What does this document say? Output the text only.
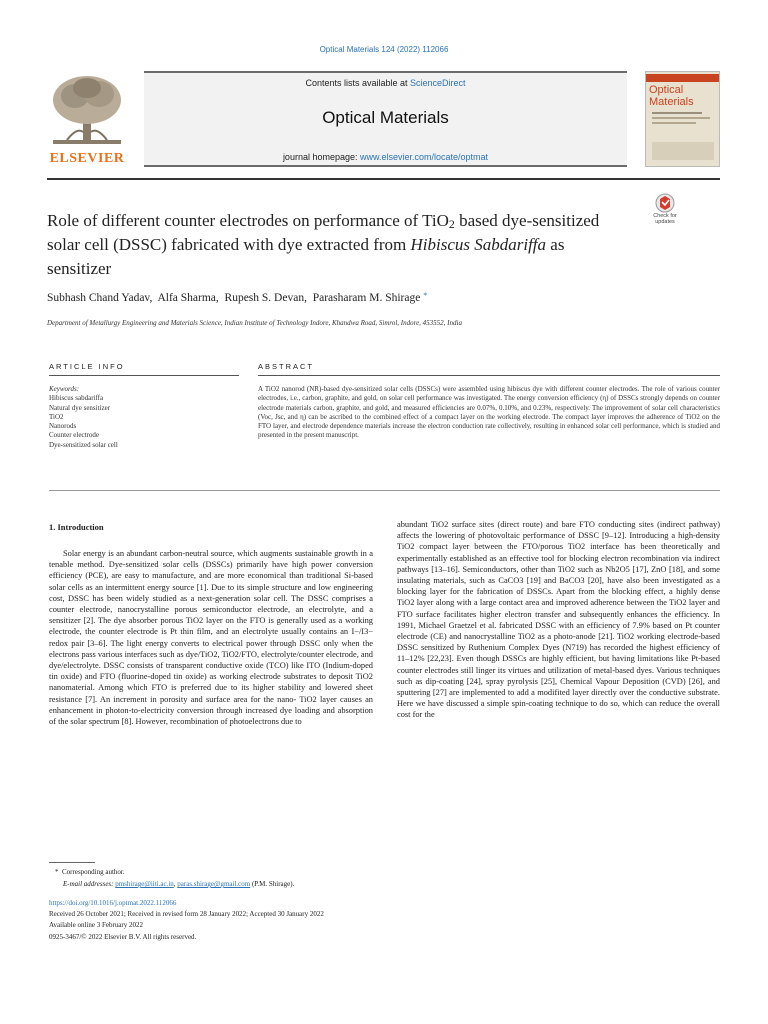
Optical Materials 124 (2022) 112066
ELSEVIER
Contents lists available at ScienceDirect
Optical Materials
journal homepage: www.elsevier.com/locate/optmat
Optical Materials
Check for updates
Role of different counter electrodes on performance of TiO$_2$ based dye-sensitized solar cell (DSSC) fabricated with dye extracted from Hibiscus Sabdariffa as sensitizer
Subhash Chand Yadav,  Alfa Sharma,  Rupesh S. Devan,  Parasharam M. Shirage *
Department of Metallurgy Engineering and Materials Science, Indian Institute of Technology Indore, Khandwa Road, Simrol, Indore, 453552, India
ARTICLE INFO	ABSTRACT
Keywords:
Hibiscus sabdariffa
Natural dye sensitizer
TiO2
Nanorods
Counter electrode
Dye-sensitized solar cell
A TiO2 nanorod (NR)-based dye-sensitized solar cells (DSSCs) were assembled using hibiscus dye with different counter electrodes. The role of various counter electrodes, i.e., carbon, graphite, and gold, on solar cell performance was investigated. The energy conversion efficiency (η) of DSSCs strongly depends on counter electrode materials carbon, graphite, and gold, and measured efficiencies are 0.07%, 0.10%, and 0.23%, respectively. The improvement of solar cell characteristics (Voc, Jsc, and η) can be ascribed to the combined effect of a compact layer on the working electrode. The compact layer improves the adherence of TiO2 on the FTO layer, and electrode dependence materials increase the electron conduction rate collectively, resulting in enhanced solar cell performance, which is studied and presented in the present manuscript.
1. Introduction

Solar energy is an abundant carbon-neutral source, which augments sustainable growth in a tenable method. Dye-sensitized solar cells (DSSCs) primarily have high power conversion efficiency (PCE), are easy to manufacture, and are more economical than traditional Si-based solar cells as an intermittent energy source [1]. Due to its simple structure and low engineering cost, DSSC has been widely studied as a next-generation solar cell. The DSSC comprises a counter electrode, nanocrystalline porous semiconductor electrode, an electrolyte, and a sensitizer [2]. The dye absorber porous TiO2 layer on the FTO is generally used as a working electrode, the counter electrode is Pt thin film, and an electrolyte usually contains an I−/I3− redox pair [3–6]. The light energy converts to electrical power through DSSC only when the electrons pass various interfaces such as dye/TiO2, TiO2/FTO, electrolyte/counter electrode, and dye/electrolyte. DSSC consists of transparent conductive oxide (TCO) like ITO (Indium-doped tin oxide) and FTO (fluorine-doped tin oxide) as working electrode substrates to deposit TiO2 nanomaterial. Among which FTO is preferred due to its higher stability and lowered sheet resistance [7]. An increment in porosity and surface area for the nano- TiO2 layer causes an enhancement in photon-to-electricity conversion through increased dye loading and absorption of the solar spectrum [8]. However, recombination of photoelectrons due to

abundant TiO2 surface sites (direct route) and bare FTO conducting sites (indirect pathway) affects the lowering of photovoltaic performance of DSSC [9–12]. Introducing a high-density TiO2 compact layer between the FTO/porous TiO2 interface has been theoretically and experimentally established as an effective tool for blocking electron recombination via indirect pathways [13–16]. Semiconductors, other than TiO2 such as Nb2O5 [17], ZnO [18], and some insulating materials, such as CaCO3 [19] and BaCO3 [20], have also been investigated as a blocking layer for the fabrication of DSSCs. Apart from the blocking effect, a highly dense TiO2 layer along with a large contact area and improved adherence between the TiO2 layer and FTO surface facilitates higher electron transfer and subsequently enhances the efficiency. In 1991, Michael Graetzel et al. fabricated DSSC with an efficiency of 7.9% based on Pt counter electrode (CE) and nanocrystalline TiO2 as a photo-anode [21]. TiO2 working electrode-based DSSC sensitized by Ruthenium Complex Dyes (N719) has recorded the highest efficiency of 11–12% [22,23]. Even though DSSCs are highly efficient, but having limitations like Pt-based counter electrodes still linger its virtues and utilization of metal-based dyes. Various techniques such as dip-coating [24], spray pyrolysis [25], Chemical Vapour Deposition (CVD) [26], and sputtering [27] are implemented to add a modifited layer directly over the conductive substrate. Here we have discussed a simple spin-coating technique to do so, which can reduce the overall cost for the

*  Corresponding author.
E-mail addresses: pmshirage@iiti.ac.in, paras.shirage@gmail.com (P.M. Shirage).
https://doi.org/10.1016/j.optmat.2022.112066
Received 26 October 2021; Received in revised form 28 January 2022; Accepted 30 January 2022
Available online 3 February 2022
0925-3467/© 2022 Elsevier B.V. All rights reserved.
